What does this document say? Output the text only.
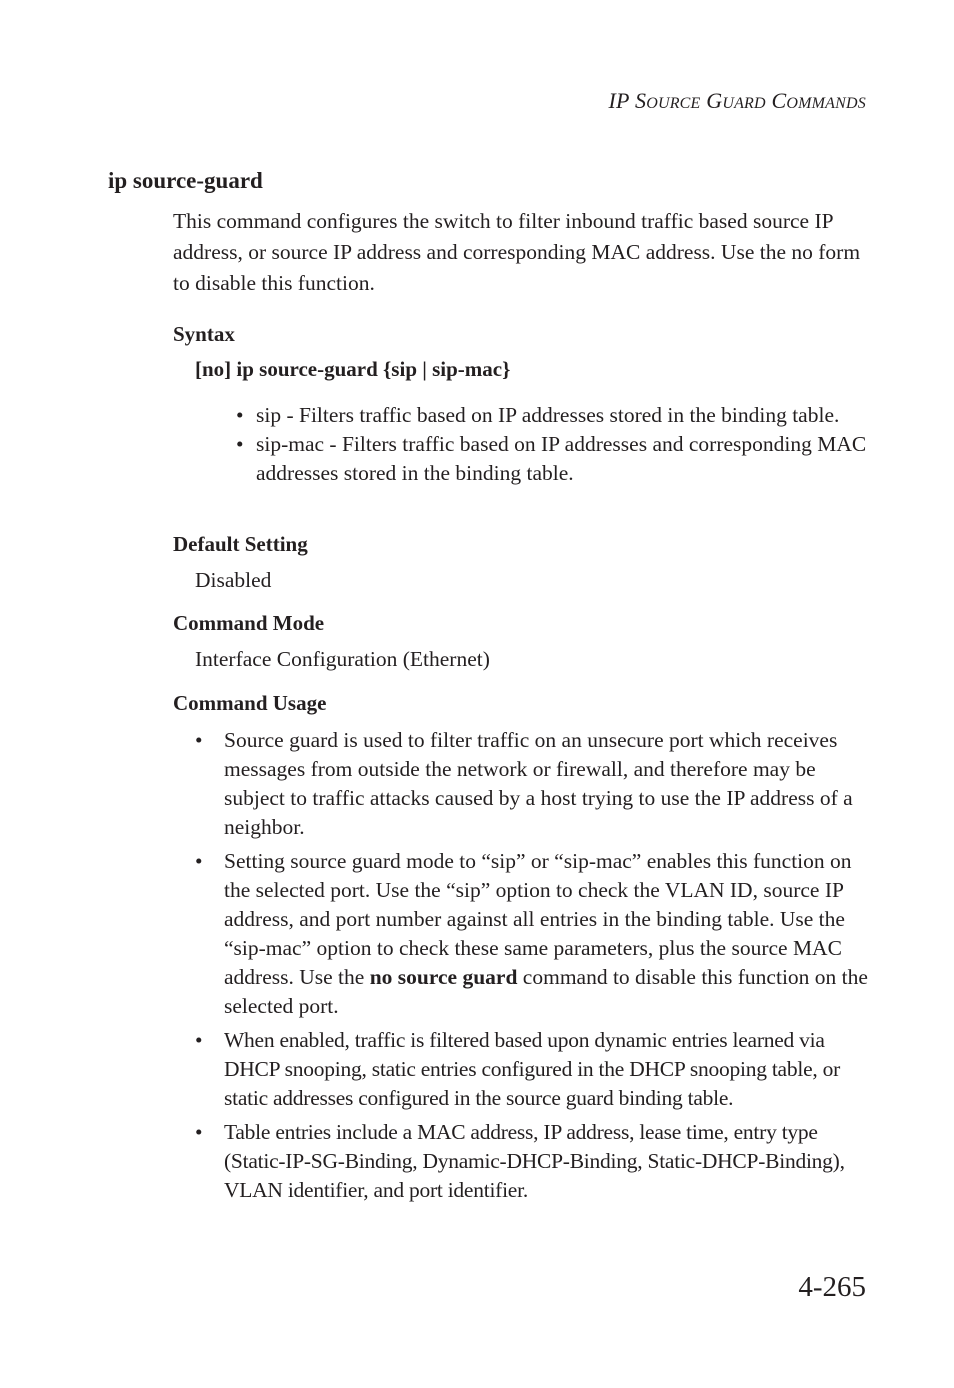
IP SOURCE GUARD COMMANDS
ip source-guard
This command configures the switch to filter inbound traffic based source IP address, or source IP address and corresponding MAC address. Use the no form to disable this function.
Syntax
[no] ip source-guard {sip | sip-mac}
• sip - Filters traffic based on IP addresses stored in the binding table.
• sip-mac - Filters traffic based on IP addresses and corresponding MAC addresses stored in the binding table.
Default Setting
Disabled
Command Mode
Interface Configuration (Ethernet)
Command Usage
• Source guard is used to filter traffic on an unsecure port which receives messages from outside the network or firewall, and therefore may be subject to traffic attacks caused by a host trying to use the IP address of a neighbor.
• Setting source guard mode to “sip” or “sip-mac” enables this function on the selected port. Use the “sip” option to check the VLAN ID, source IP address, and port number against all entries in the binding table. Use the “sip-mac” option to check these same parameters, plus the source MAC address. Use the no source guard command to disable this function on the selected port.
• When enabled, traffic is filtered based upon dynamic entries learned via DHCP snooping, static entries configured in the DHCP snooping table, or static addresses configured in the source guard binding table.
• Table entries include a MAC address, IP address, lease time, entry type (Static-IP-SG-Binding, Dynamic-DHCP-Binding, Static-DHCP-Binding), VLAN identifier, and port identifier.
4-265
